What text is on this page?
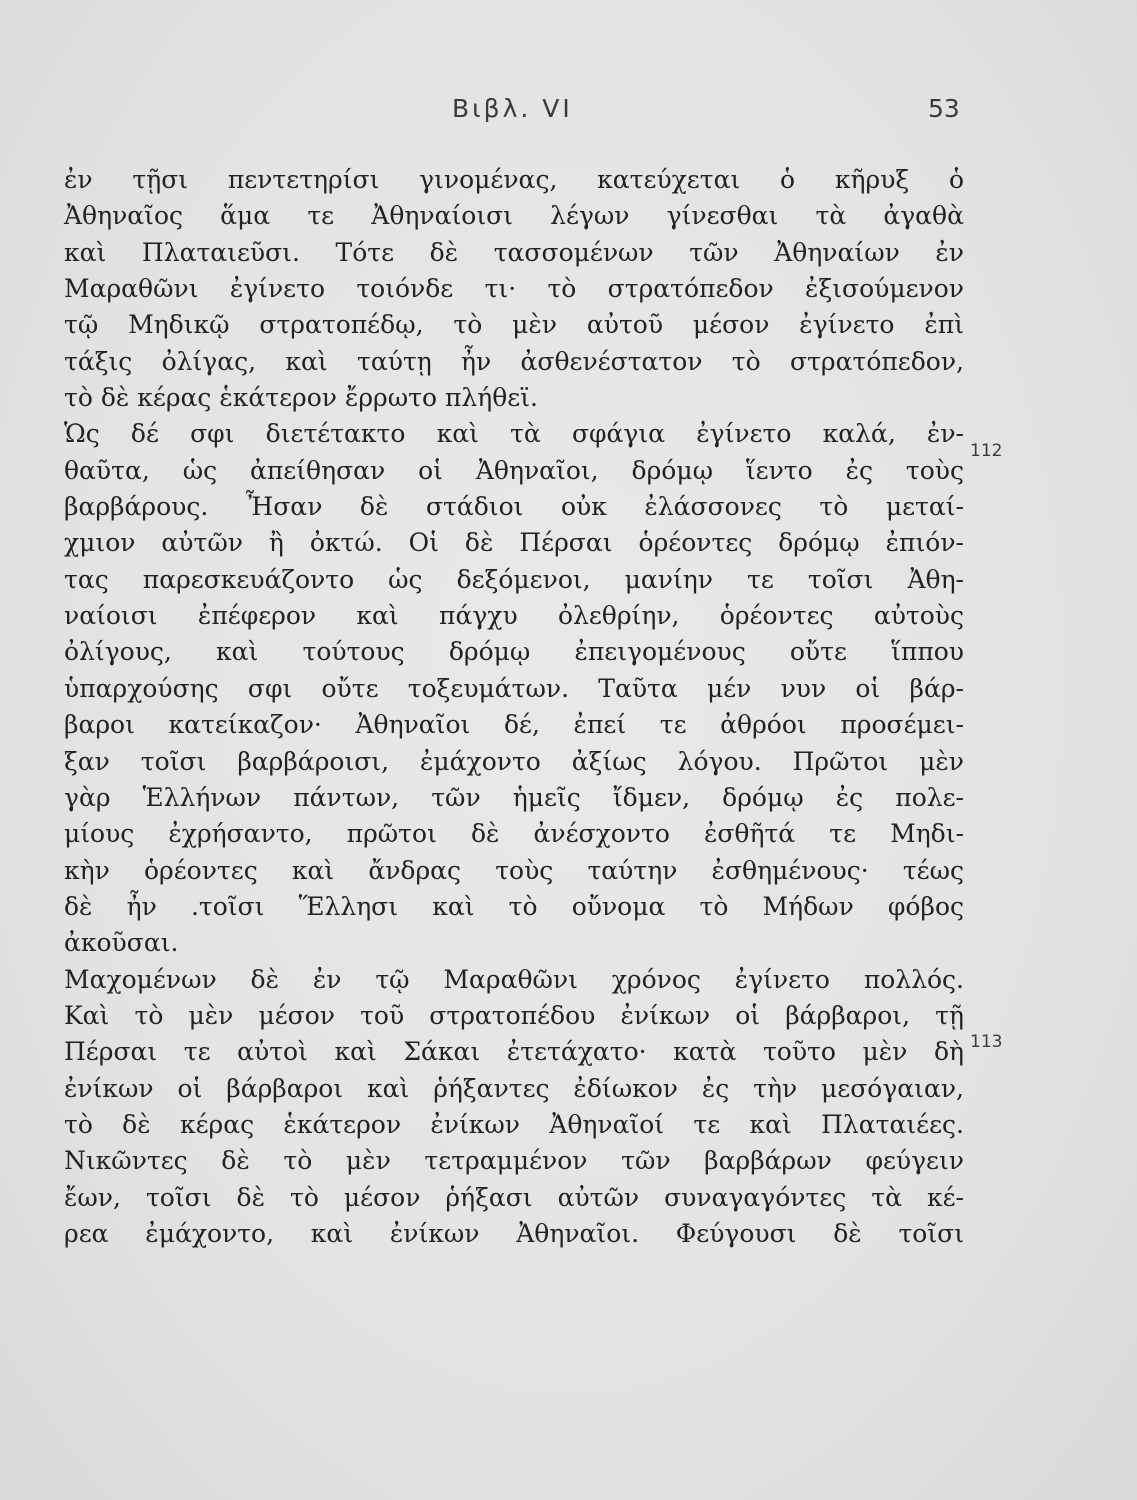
Βιβλ. VI	53
ἐν τῇσι πεντετηρίσι γινομένας, κατεύχεται ὁ κῆρυξ ὁ
Ἀθηναῖος ἅμα τε Ἀθηναίοισι λέγων γίνεσθαι τὰ ἀγαθὰ
καὶ Πλαταιεῦσι. Τότε δὲ τασσομένων τῶν Ἀθηναίων ἐν
Μαραθῶνι ἐγίνετο τοιόνδε τι· τὸ στρατόπεδον ἐξισούμενον
τῷ Μηδικῷ στρατοπέδῳ, τὸ μὲν αὐτοῦ μέσον ἐγίνετο ἐπὶ
τάξις ὀλίγας, καὶ ταύτῃ ἦν ἀσθενέστατον τὸ στρατόπεδον,
τὸ δὲ κέρας ἑκάτερον ἔρρωτο πλήθεϊ.
Ὡς δέ σφι διετέτακτο καὶ τὰ σφάγια ἐγίνετο καλά, ἐν-
θαῦτα, ὡς ἀπείθησαν οἱ Ἀθηναῖοι, δρόμῳ ἵεντο ἐς τοὺς
βαρβάρους. Ἦσαν δὲ στάδιοι οὐκ ἐλάσσονες τὸ μεταί-
χμιον αὐτῶν ἢ ὀκτώ. Οἱ δὲ Πέρσαι ὁρέοντες δρόμῳ ἐπιόν-
τας παρεσκευάζοντο ὡς δεξόμενοι, μανίην τε τοῖσι Ἀθη-
ναίοισι ἐπέφερον καὶ πάγχυ ὀλεθρίην, ὁρέοντες αὐτοὺς
ὀλίγους, καὶ τούτους δρόμῳ ἐπειγομένους οὔτε ἵππου
ὑπαρχούσης σφι οὔτε τοξευμάτων. Ταῦτα μέν νυν οἱ βάρ-
βαροι κατείκαζον· Ἀθηναῖοι δέ, ἐπεί τε ἀθρόοι προσέμει-
ξαν τοῖσι βαρβάροισι, ἐμάχοντο ἀξίως λόγου. Πρῶτοι μὲν
γὰρ Ἑλλήνων πάντων, τῶν ἡμεῖς ἴδμεν, δρόμῳ ἐς πολε-
μίους ἐχρήσαντο, πρῶτοι δὲ ἀνέσχοντο ἐσθῆτά τε Μηδι-
κὴν ὁρέοντες καὶ ἄνδρας τοὺς ταύτην ἐσθημένους· τέως
δὲ ἦν .τοῖσι Ἕλλησι καὶ τὸ οὔνομα τὸ Μήδων φόβος
ἀκοῦσαι.
Μαχομένων δὲ ἐν τῷ Μαραθῶνι χρόνος ἐγίνετο πολλός.
Καὶ τὸ μὲν μέσον τοῦ στρατοπέδου ἐνίκων οἱ βάρβαροι, τῇ
Πέρσαι τε αὐτοὶ καὶ Σάκαι ἐτετάχατο· κατὰ τοῦτο μὲν δὴ
ἐνίκων οἱ βάρβαροι καὶ ῥήξαντες ἐδίωκον ἐς τὴν μεσόγαιαν,
τὸ δὲ κέρας ἑκάτερον ἐνίκων Ἀθηναῖοί τε καὶ Πλαταιέες.
Νικῶντες δὲ τὸ μὲν τετραμμένον τῶν βαρβάρων φεύγειν
ἔων, τοῖσι δὲ τὸ μέσον ῥήξασι αὐτῶν συναγαγόντες τὰ κέ-
ρεα ἐμάχοντο, καὶ ἐνίκων Ἀθηναῖοι. Φεύγουσι δὲ τοῖσι
112
113
